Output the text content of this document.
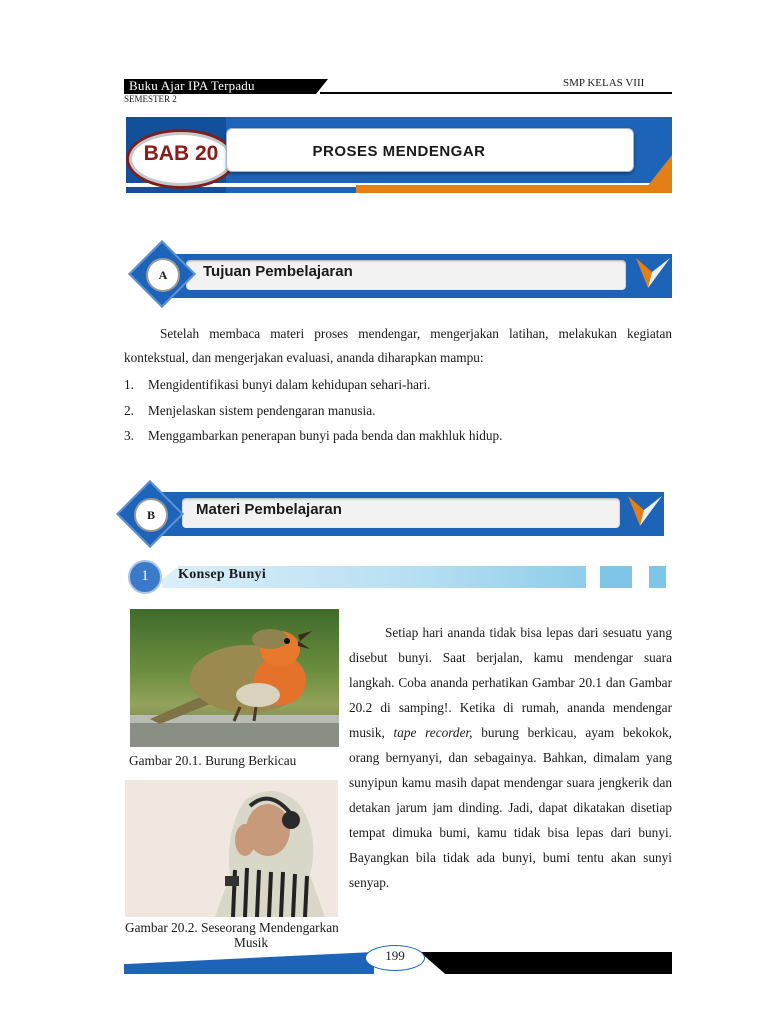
Buku Ajar IPA Terpadu	SMP KELAS VIII
SEMESTER 2
BAB 20	PROSES MENDENGAR
A	Tujuan Pembelajaran
Setelah membaca materi proses mendengar, mengerjakan latihan, melakukan kegiatan kontekstual, dan mengerjakan evaluasi, ananda diharapkan mampu:
1. Mengidentifikasi bunyi dalam kehidupan sehari-hari.
2. Menjelaskan sistem pendengaran manusia.
3. Menggambarkan penerapan bunyi pada benda dan makhluk hidup.
B	Materi Pembelajaran
1	Konsep Bunyi
Gambar 20.1. Burung Berkicau
Gambar 20.2. Seseorang Mendengarkan
Musik
Setiap hari ananda tidak bisa lepas dari sesuatu yang disebut bunyi. Saat berjalan, kamu mendengar suara langkah. Coba ananda perhatikan Gambar 20.1 dan Gambar 20.2 di samping!. Ketika di rumah, ananda mendengar musik, tape recorder, burung berkicau, ayam bekokok, orang bernyanyi, dan sebagainya. Bahkan, dimalam yang sunyipun kamu masih dapat mendengar suara jengkerik dan detakan jarum jam dinding. Jadi, dapat dikatakan disetiap tempat dimuka bumi, kamu tidak bisa lepas dari bunyi. Bayangkan bila tidak ada bunyi, bumi tentu akan sunyi senyap.
199
